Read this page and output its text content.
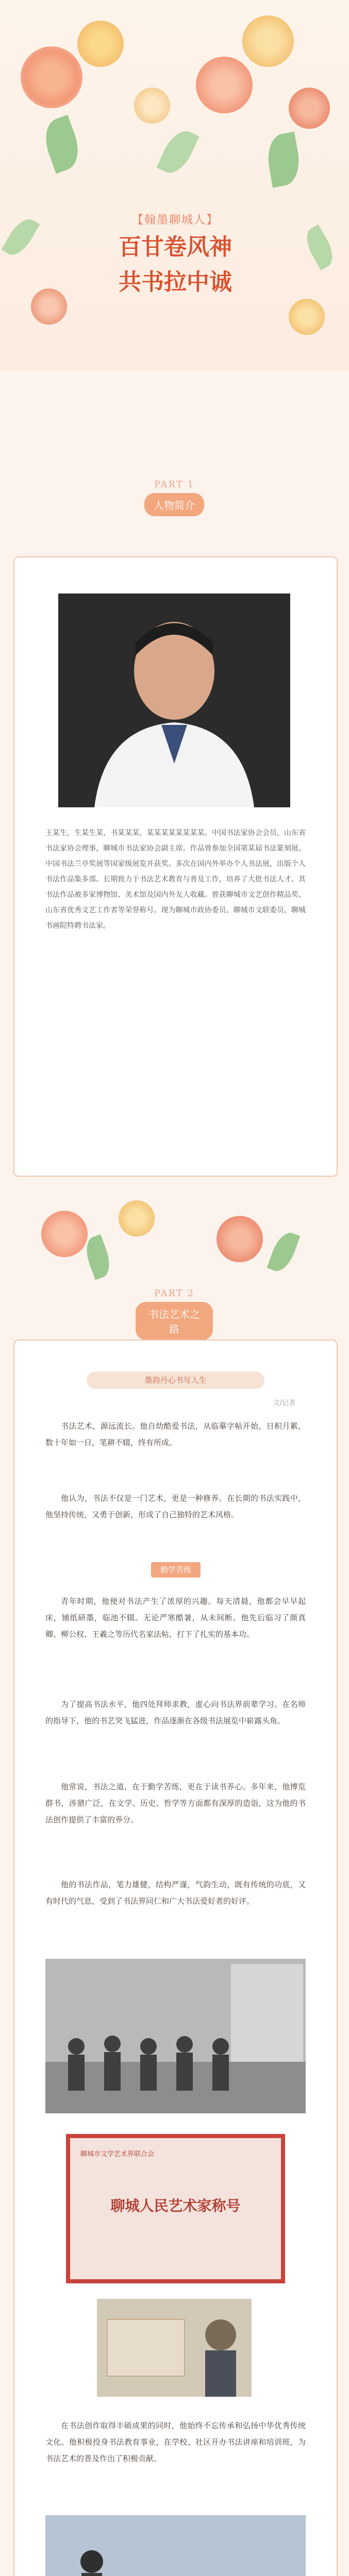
【翰墨聊城人】
百甘卷风神
共书拉中诚
PART 1
人物简介
王某生，生某生某，书某某某，某某某某某某某某。中国书法家协会会员，山东省书法家协会理事，聊城市书法家协会副主席。作品曾参加全国第某届书法篆刻展、中国书法兰亭奖展等国家级展览并获奖。多次在国内外举办个人书法展，出版个人书法作品集多部。长期致力于书法艺术教育与普及工作，培养了大批书法人才。其书法作品被多家博物馆、美术馆及国内外友人收藏。曾获聊城市文艺创作精品奖、山东省优秀文艺工作者等荣誉称号。现为聊城市政协委员、聊城市文联委员、聊城书画院特聘书法家。
PART 2
书法艺术之路
墨韵丹心书写人生
文/记者
书法艺术，源远流长。他自幼酷爱书法，从临摹字帖开始，日积月累，数十年如一日，笔耕不辍，终有所成。
他认为，书法不仅是一门艺术，更是一种修养。在长期的书法实践中，他坚持传统，又勇于创新，形成了自己独特的艺术风格。
勤学苦练
青年时期，他便对书法产生了浓厚的兴趣。每天清晨，他都会早早起床，铺纸研墨，临池不辍。无论严寒酷暑，从未间断。他先后临习了颜真卿、柳公权、王羲之等历代名家法帖，打下了扎实的基本功。
为了提高书法水平，他四处拜师求教，虚心向书法界前辈学习。在名师的指导下，他的书艺突飞猛进，作品逐渐在各级书法展览中崭露头角。
他常说，书法之道，在于勤学苦练，更在于读书养心。多年来，他博览群书，涉猎广泛，在文学、历史、哲学等方面都有深厚的造诣，这为他的书法创作提供了丰富的养分。
他的书法作品，笔力雄健，结构严谨，气韵生动，既有传统的功底，又有时代的气息，受到了书法界同仁和广大书法爱好者的好评。
聊城市文学艺术界联合会
聊城人民艺术家称号
在书法创作取得丰硕成果的同时，他始终不忘传承和弘扬中华优秀传统文化。他积极投身书法教育事业，在学校、社区开办书法讲座和培训班，为书法艺术的普及作出了积极贡献。
